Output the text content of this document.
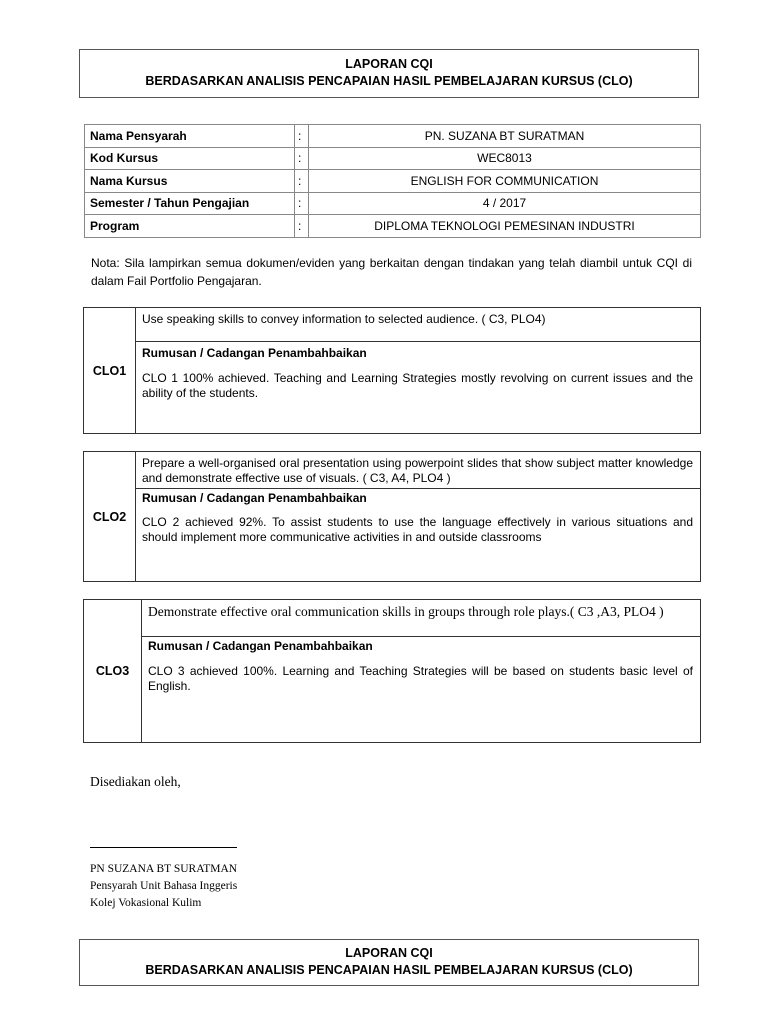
LAPORAN CQI
BERDASARKAN ANALISIS PENCAPAIAN HASIL PEMBELAJARAN KURSUS (CLO)
Nama Pensyarah	:	PN. SUZANA BT SURATMAN
Kod Kursus	:	WEC8013
Nama Kursus	:	ENGLISH FOR COMMUNICATION
Semester / Tahun Pengajian	:	4 / 2017
Program	:	DIPLOMA TEKNOLOGI PEMESINAN INDUSTRI
Nota: Sila lampirkan semua dokumen/eviden yang berkaitan dengan tindakan yang telah diambil untuk CQI di dalam Fail Portfolio Pengajaran.
CLO1
Use speaking skills to convey information to selected audience. ( C3, PLO4)
Rumusan / Cadangan Penambahbaikan
CLO 1 100% achieved. Teaching and Learning Strategies mostly revolving on current issues and the ability of the students.
CLO2
Prepare a well-organised oral presentation using powerpoint slides that show subject matter knowledge and demonstrate effective use of visuals. ( C3, A4, PLO4 )
Rumusan / Cadangan Penambahbaikan
CLO 2 achieved 92%. To assist students to use the language effectively in various situations and should implement more communicative activities in and outside classrooms
CLO3
Demonstrate effective oral communication skills in groups through role plays.( C3 ,A3, PLO4 )
Rumusan / Cadangan Penambahbaikan
CLO 3 achieved 100%. Learning and Teaching Strategies will be based on students basic level of English.
Disediakan oleh,
PN SUZANA BT SURATMAN
Pensyarah Unit Bahasa Inggeris
Kolej Vokasional Kulim
LAPORAN CQI
BERDASARKAN ANALISIS PENCAPAIAN HASIL PEMBELAJARAN KURSUS (CLO)
